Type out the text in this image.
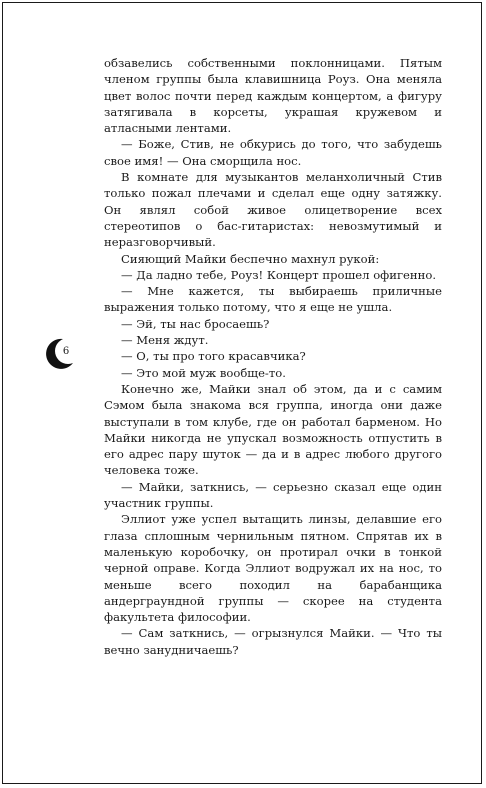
6

обзавелись собственными поклонницами. Пятым членом группы была клавишница Роуз. Она меняла цвет волос почти перед каждым концертом, а фигуру затягивала в корсеты, украшая кружевом и атласными лентами.

— Боже, Стив, не обкурись до того, что забудешь свое имя! — Она сморщила нос.

В комнате для музыкантов меланхоличный Стив только пожал плечами и сделал еще одну затяжку. Он являл собой живое олицетворение всех стереотипов о бас-гитаристах: невозмутимый и неразговорчивый.

Сияющий Майки беспечно махнул рукой:

— Да ладно тебе, Роуз! Концерт прошел офигенно.

— Мне кажется, ты выбираешь приличные выражения только потому, что я еще не ушла.

— Эй, ты нас бросаешь?

— Меня ждут.

— О, ты про того красавчика?

— Это мой муж вообще-то.

Конечно же, Майки знал об этом, да и с самим Сэмом была знакома вся группа, иногда они даже выступали в том клубе, где он работал барменом. Но Майки никогда не упускал возможность отпустить в его адрес пару шуток — да и в адрес любого другого человека тоже.

— Майки, заткнись, — серьезно сказал еще один участник группы.

Эллиот уже успел вытащить линзы, делавшие его глаза сплошным чернильным пятном. Спрятав их в маленькую коробочку, он протирал очки в тонкой черной оправе. Когда Эллиот водружал их на нос, то меньше всего походил на барабанщика андерграундной группы — скорее на студента факультета философии.

— Сам заткнись, — огрызнулся Майки. — Что ты вечно занудничаешь?
